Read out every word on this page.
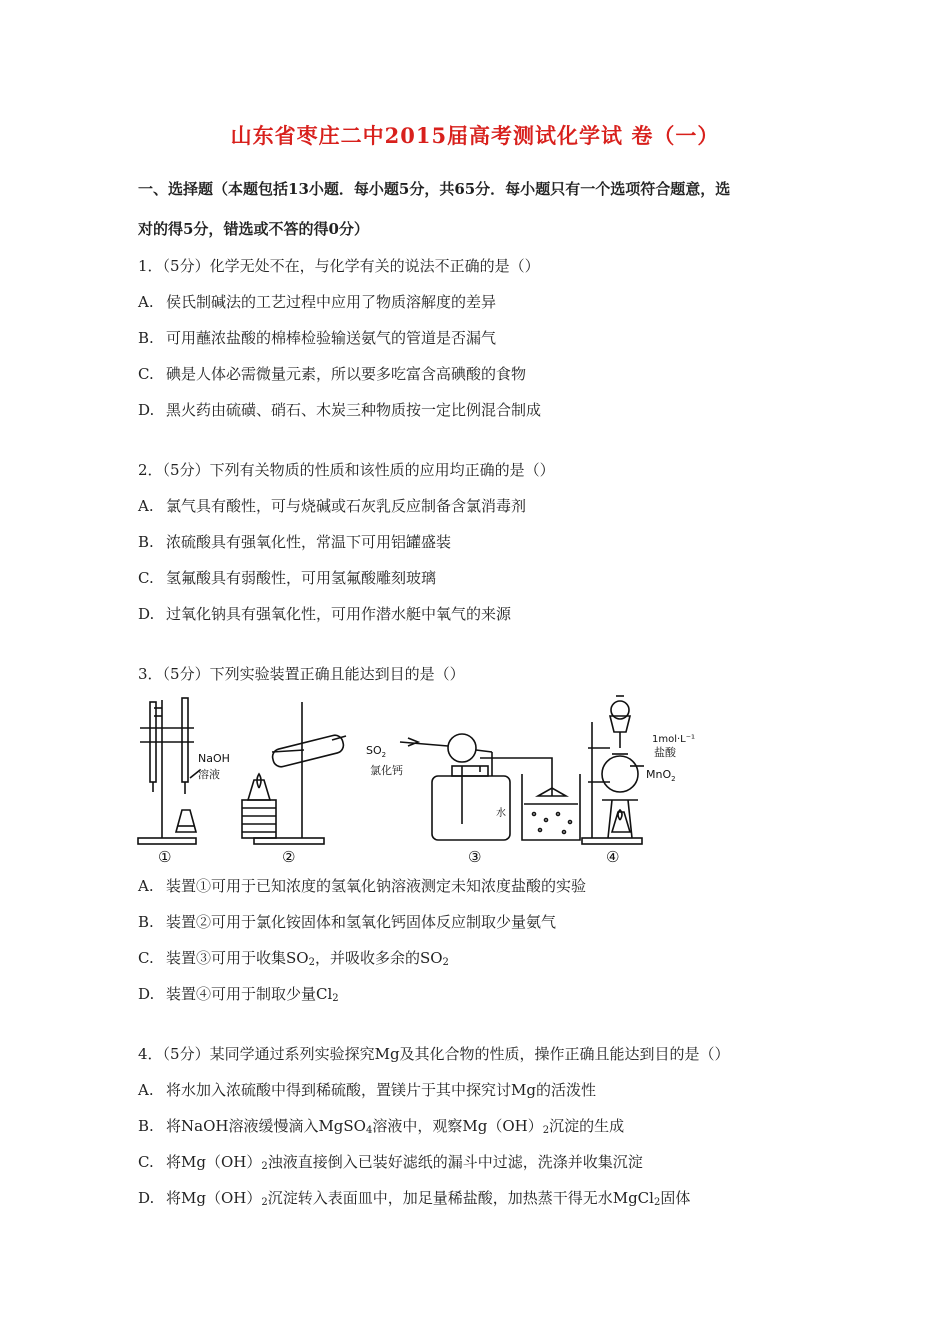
山东省枣庄二中2015届高考测试化学试 卷（一）
一、选择题（本题包括13小题．每小题5分，共65分．每小题只有一个选项符合题意，选
对的得5分，错选或不答的得0分）
1．（5分）化学无处不在，与化学有关的说法不正确的是（）
A. 侯氏制碱法的工艺过程中应用了物质溶解度的差异
B. 可用蘸浓盐酸的棉棒检验输送氨气的管道是否漏气
C. 碘是人体必需微量元素，所以要多吃富含高碘酸的食物
D. 黑火药由硫磺、硝石、木炭三种物质按一定比例混合制成
2．（5分）下列有关物质的性质和该性质的应用均正确的是（）
A. 氯气具有酸性，可与烧碱或石灰乳反应制备含氯消毒剂
B. 浓硫酸具有强氧化性，常温下可用铝罐盛装
C. 氢氟酸具有弱酸性，可用氢氟酸雕刻玻璃
D. 过氧化钠具有强氧化性，可用作潜水艇中氧气的来源
3．（5分）下列实验装置正确且能达到目的是（）
NaOH
溶液
$SO_2$
氯化钙
水
1mol·L⁻¹
盐酸
MnO$_2$
①	②	③	④
A. 装置①可用于已知浓度的氢氧化钠溶液测定未知浓度盐酸的实验
B. 装置②可用于氯化铵固体和氢氧化钙固体反应制取少量氨气
C. 装置③可用于收集$SO_2$，并吸收多余的$SO_2$
D. 装置④可用于制取少量$Cl_2$
4．（5分）某同学通过系列实验探究Mg及其化合物的性质，操作正确且能达到目的是（）
A. 将水加入浓硫酸中得到稀硫酸，置镁片于其中探究讨Mg的活泼性
B. 将NaOH溶液缓慢滴入MgSO$_4$溶液中，观察$Mg(OH)_2$沉淀的生成
C. 将$Mg(OH)_2$浊液直接倒入已装好滤纸的漏斗中过滤，洗涤并收集沉淀
D. 将$Mg(OH)_2$沉淀转入表面皿中，加足量稀盐酸，加热蒸干得无水MgCl$_2$固体
